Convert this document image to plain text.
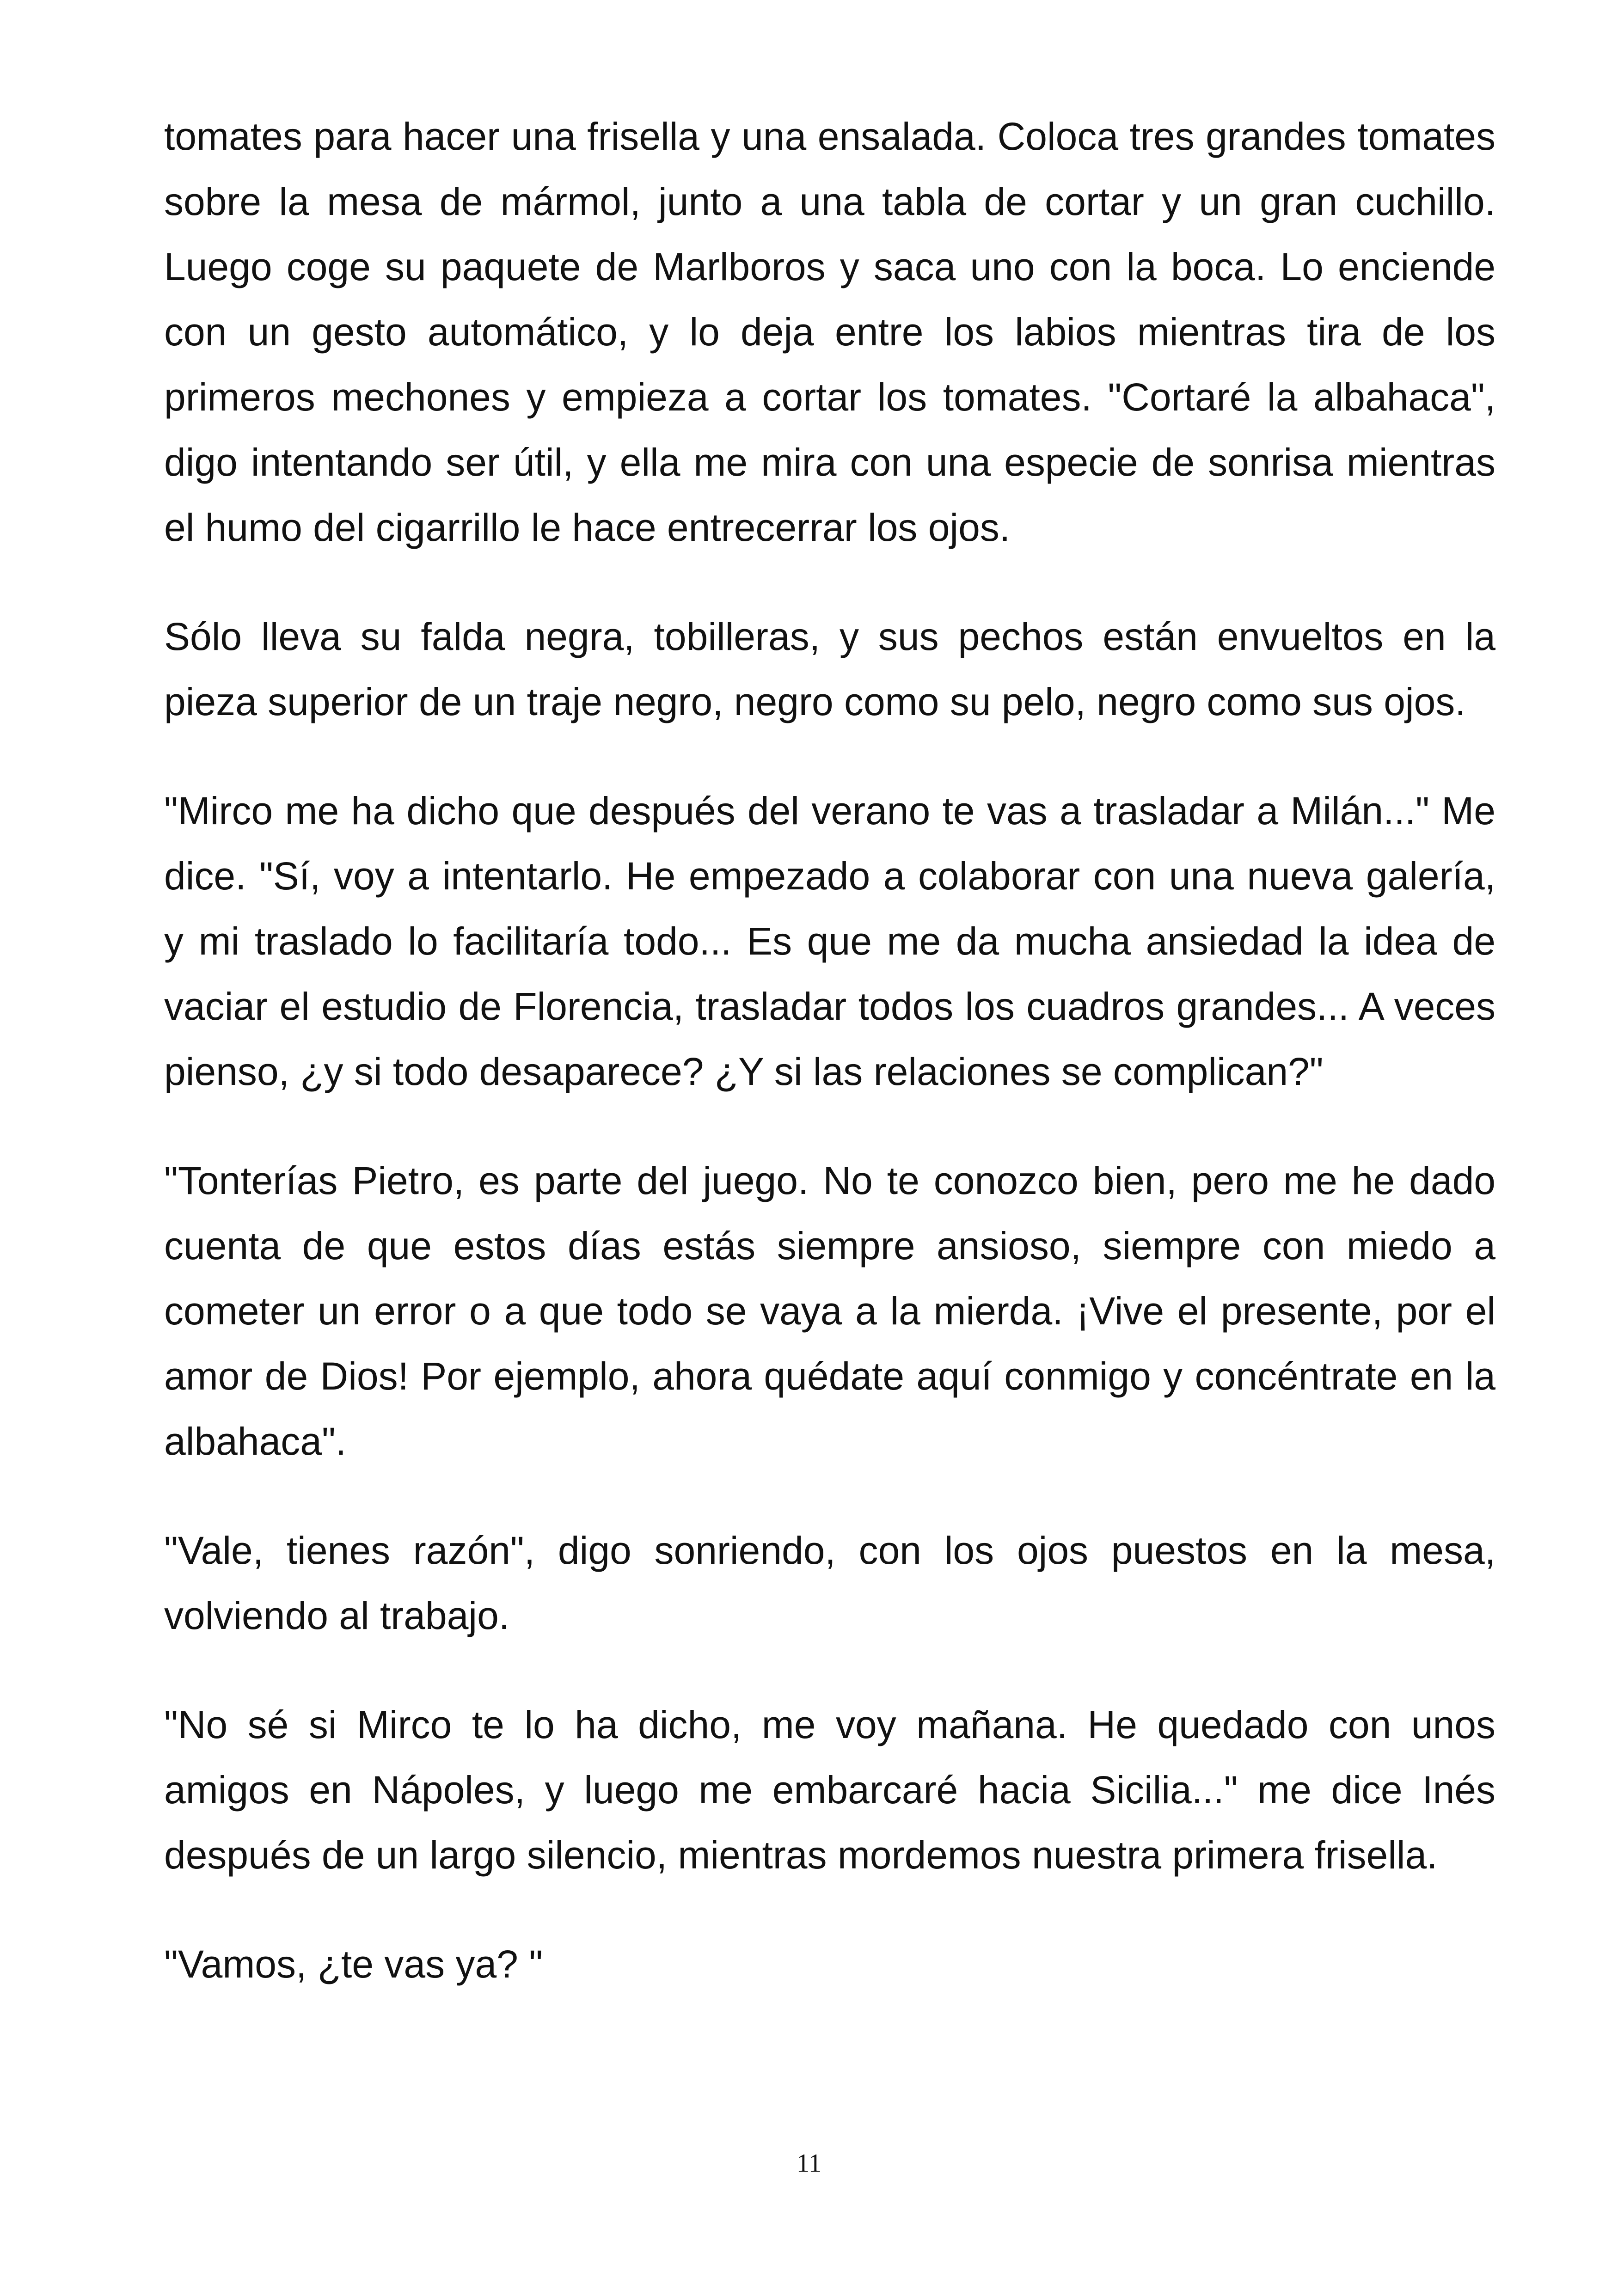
tomates para hacer una frisella y una ensalada. Coloca tres grandes tomates sobre la mesa de mármol, junto a una tabla de cortar y un gran cuchillo. Luego coge su paquete de Marlboros y saca uno con la boca. Lo enciende con un gesto automático, y lo deja entre los labios mientras tira de los primeros mechones y empieza a cortar los tomates. "Cortaré la albahaca", digo intentando ser útil, y ella me mira con una especie de sonrisa mientras el humo del cigarrillo le hace entrecerrar los ojos.

Sólo lleva su falda negra, tobilleras, y sus pechos están envueltos en la pieza superior de un traje negro, negro como su pelo, negro como sus ojos.

"Mirco me ha dicho que después del verano te vas a trasladar a Milán..." Me dice. "Sí, voy a intentarlo. He empezado a colaborar con una nueva galería, y mi traslado lo facilitaría todo... Es que me da mucha ansiedad la idea de vaciar el estudio de Florencia, trasladar todos los cuadros grandes... A veces pienso, ¿y si todo desaparece? ¿Y si las relaciones se complican?"

"Tonterías Pietro, es parte del juego. No te conozco bien, pero me he dado cuenta de que estos días estás siempre ansioso, siempre con miedo a cometer un error o a que todo se vaya a la mierda. ¡Vive el presente, por el amor de Dios! Por ejemplo, ahora quédate aquí conmigo y concéntrate en la albahaca".

"Vale, tienes razón", digo sonriendo, con los ojos puestos en la mesa, volviendo al trabajo.

"No sé si Mirco te lo ha dicho, me voy mañana. He quedado con unos amigos en Nápoles, y luego me embarcaré hacia Sicilia..." me dice Inés después de un largo silencio, mientras mordemos nuestra primera frisella.

"Vamos, ¿te vas ya? "

11
